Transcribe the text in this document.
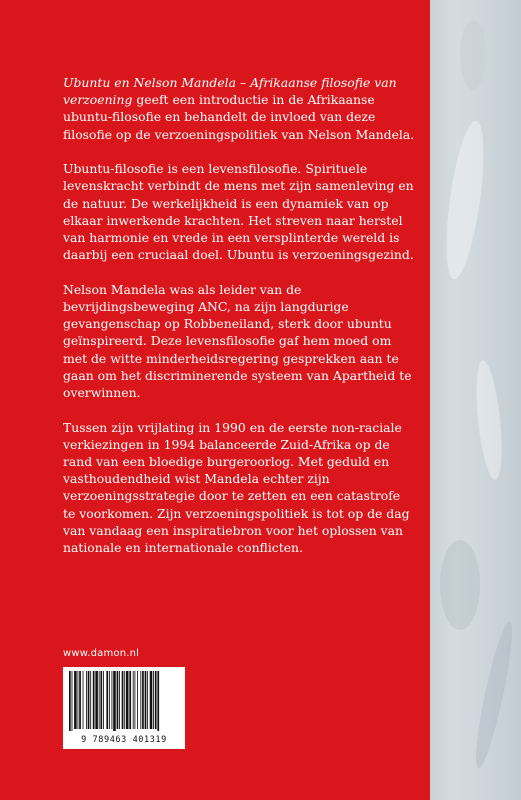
Ubuntu en Nelson Mandela – Afrikaanse filosofie van verzoening geeft een introductie in de Afrikaanse ubuntu-filosofie en behandelt de invloed van deze filosofie op de verzoeningspolitiek van Nelson Mandela.

Ubuntu-filosofie is een levensfilosofie. Spirituele levenskracht verbindt de mens met zijn samenleving en de natuur. De werkelijkheid is een dynamiek van op elkaar inwerkende krachten. Het streven naar herstel van harmonie en vrede in een versplinterde wereld is daarbij een cruciaal doel. Ubuntu is verzoeningsgezind.

Nelson Mandela was als leider van de bevrijdingsbeweging ANC, na zijn langdurige gevangenschap op Robbeneiland, sterk door ubuntu geïnspireerd. Deze levensfilosofie gaf hem moed om met de witte minderheidsregering gesprekken aan te gaan om het discriminerende systeem van Apartheid te overwinnen.

Tussen zijn vrijlating in 1990 en de eerste non-raciale verkiezingen in 1994 balanceerde Zuid-Afrika op de rand van een bloedige burgeroorlog. Met geduld en vasthoudendheid wist Mandela echter zijn verzoeningsstrategie door te zetten en een catastrofe te voorkomen. Zijn verzoeningspolitiek is tot op de dag van vandaag een inspiratiebron voor het oplossen van nationale en internationale conflicten.

www.damon.nl
9 789463 401319
